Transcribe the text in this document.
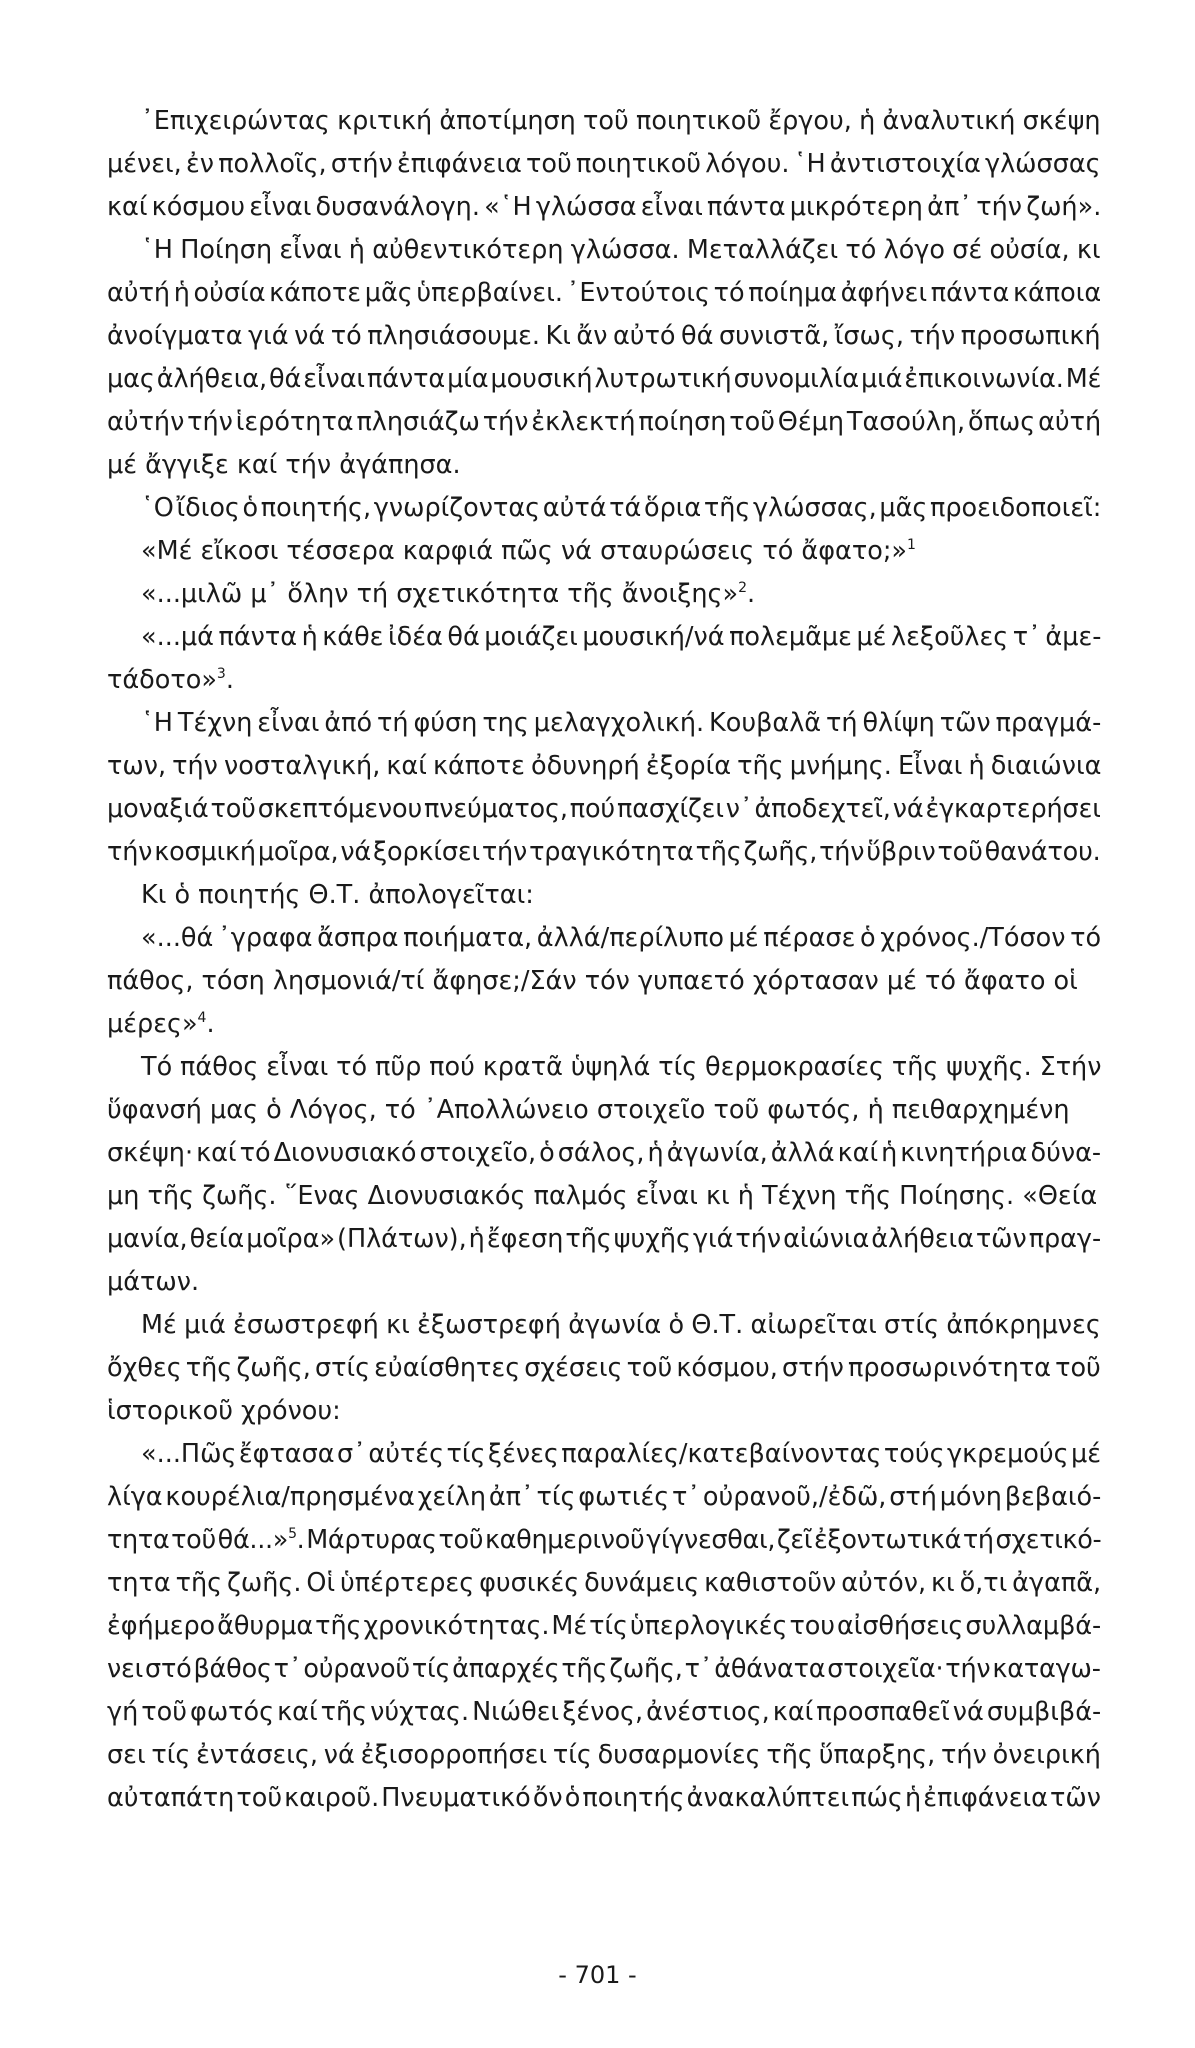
᾿Επιχειρώντας κριτική ἀποτίμηση τοῦ ποιητικοῦ ἔργου, ἡ ἀναλυτική σκέψη
μένει, ἐν πολλοῖς, στήν ἐπιφάνεια τοῦ ποιητικοῦ λόγου. ῾Η ἀντιστοιχία γλώσσας
καί κόσμου εἶναι δυσανάλογη. «῾Η γλώσσα εἶναι πάντα μικρότερη ἀπ᾿ τήν ζωή».
῾Η Ποίηση εἶναι ἡ αὐθεντικότερη γλώσσα. Μεταλλάζει τό λόγο σέ οὐσία, κι
αὐτή ἡ οὐσία κάποτε μᾶς ὑπερβαίνει. ᾿Εντούτοις τό ποίημα ἀφήνει πάντα κάποια
ἀνοίγματα γιά νά τό πλησιάσουμε. Κι ἄν αὐτό θά συνιστᾶ, ἴσως, τήν προσωπική
μας ἀλήθεια, θά εἶναι πάντα μία μουσική λυτρωτική συνομιλία μιά ἐπικοινωνία. Μέ
αὐτήν τήν ἱερότητα πλησιάζω τήν ἐκλεκτή ποίηση τοῦ Θέμη Τασούλη, ὅπως αὐτή
μέ ἄγγιξε καί τήν ἀγάπησα.
῾Ο ἴδιος ὁ ποιητής, γνωρίζοντας αὐτά τά ὅρια τῆς γλώσσας, μᾶς προειδοποιεῖ:
«Μέ εἴκοσι τέσσερα καρφιά πῶς νά σταυρώσεις τό ἄφατο;»$^1$
«...μιλῶ μ᾿ ὅλην τή σχετικότητα τῆς ἄνοιξης»$^2$.
«...μά πάντα ἡ κάθε ἰδέα θά μοιάζει μουσική/νά πολεμᾶμε μέ λεξοῦλες τ᾿ ἀμε-
τάδοτο»$^3$.
῾Η Τέχνη εἶναι ἀπό τή φύση της μελαγχολική. Κουβαλᾶ τή θλίψη τῶν πραγμά-
των, τήν νοσταλγική, καί κάποτε ὀδυνηρή ἐξορία τῆς μνήμης. Εἶναι ἡ διαιώνια
μοναξιά τοῦ σκεπτόμενου πνεύματος, πού πασχίζει ν᾿ ἀποδεχτεῖ, νά ἐγκαρτερήσει
τήν κοσμική μοῖρα, νά ξορκίσει τήν τραγικότητα τῆς ζωῆς, τήν ὕβριν τοῦ θανάτου.
Κι ὁ ποιητής Θ.Τ. ἀπολογεῖται:
«...θά ᾿γραφα ἄσπρα ποιήματα, ἀλλά/περίλυπο μέ πέρασε ὁ χρόνος./Τόσον τό
πάθος, τόση λησμονιά/τί ἄφησε;/Σάν τόν γυπαετό χόρτασαν μέ τό ἄφατο οἱ
μέρες»$^4$.
Τό πάθος εἶναι τό πῦρ πού κρατᾶ ὑψηλά τίς θερμοκρασίες τῆς ψυχῆς. Στήν
ὕφανσή μας ὁ Λόγος, τό ᾿Απολλώνειο στοιχεῖο τοῦ φωτός, ἡ πειθαρχημένη
σκέψη· καί τό Διονυσιακό στοιχεῖο, ὁ σάλος, ἡ ἀγωνία, ἀλλά καί ἡ κινητήρια δύνα-
μη τῆς ζωῆς. ῞Ενας Διονυσιακός παλμός εἶναι κι ἡ Τέχνη τῆς Ποίησης. «Θεία
μανία, θεία μοῖρα» (Πλάτων), ἡ ἔφεση τῆς ψυχῆς γιά τήν αἰώνια ἀλήθεια τῶν πραγ-
μάτων.
Μέ μιά ἐσωστρεφή κι ἐξωστρεφή ἀγωνία ὁ Θ.Τ. αἰωρεῖται στίς ἀπόκρημνες
ὄχθες τῆς ζωῆς, στίς εὐαίσθητες σχέσεις τοῦ κόσμου, στήν προσωρινότητα τοῦ
ἱστορικοῦ χρόνου:
«...Πῶς ἔφτασα σ᾿ αὐτές τίς ξένες παραλίες/κατεβαίνοντας τούς γκρεμούς μέ
λίγα κουρέλια/πρησμένα χείλη ἀπ᾿ τίς φωτιές τ᾿ οὐρανοῦ,/ἐδῶ, στή μόνη βεβαιό-
τητα τοῦ θά...»$^5$. Μάρτυρας τοῦ καθημερινοῦ γίγνεσθαι, ζεῖ ἐξοντωτικά τή σχετικό-
τητα τῆς ζωῆς. Οἱ ὑπέρτερες φυσικές δυνάμεις καθιστοῦν αὐτόν, κι ὅ,τι ἀγαπᾶ,
ἐφήμερο ἄθυρμα τῆς χρονικότητας. Μέ τίς ὑπερλογικές του αἰσθήσεις συλλαμβά-
νει στό βάθος τ᾿ οὐρανοῦ τίς ἀπαρχές τῆς ζωῆς, τ᾿ ἀθάνατα στοιχεῖα· τήν καταγω-
γή τοῦ φωτός καί τῆς νύχτας. Νιώθει ξένος, ἀνέστιος, καί προσπαθεῖ νά συμβιβά-
σει τίς ἐντάσεις, νά ἐξισορροπήσει τίς δυσαρμονίες τῆς ὕπαρξης, τήν ὀνειρική
αὐταπάτη τοῦ καιροῦ. Πνευματικό ὄν ὁ ποιητής ἀνακαλύπτει πώς ἡ ἐπιφάνεια τῶν
- 701 -
